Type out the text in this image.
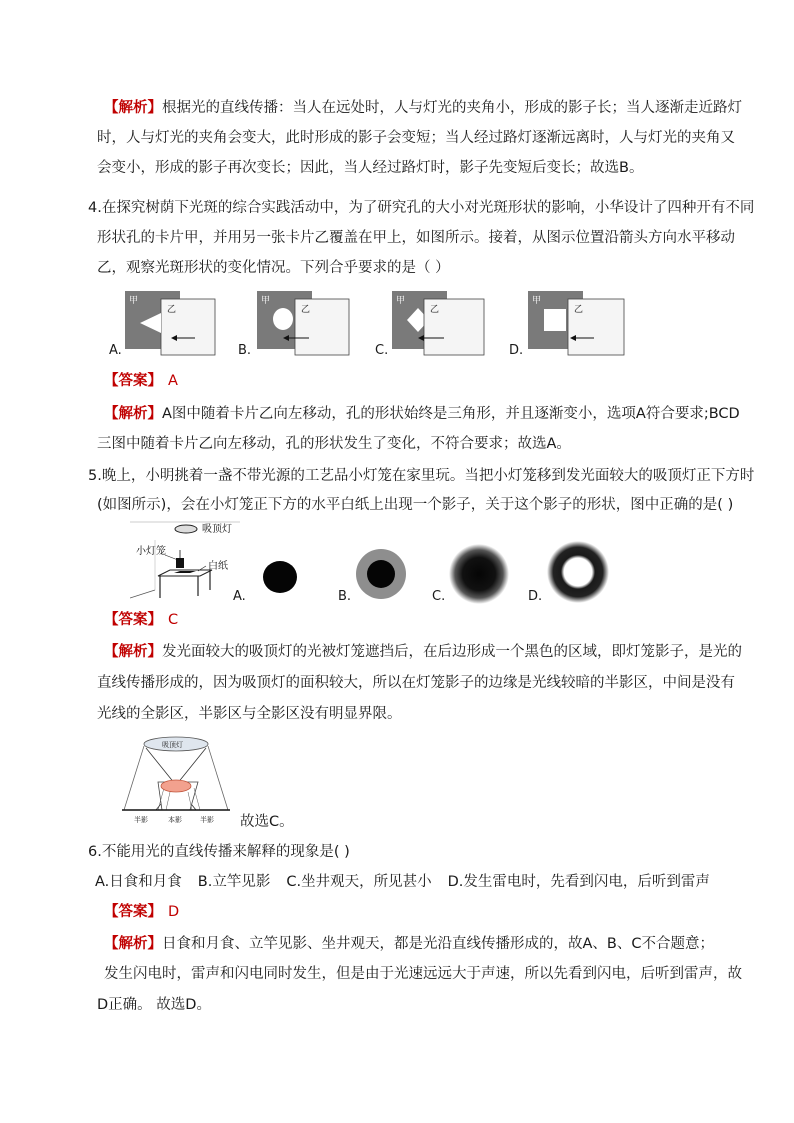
【解析】根据光的直线传播：当人在远处时，人与灯光的夹角小，形成的影子长；当人逐渐走近路灯
时，人与灯光的夹角会变大，此时形成的影子会变短；当人经过路灯逐渐远离时，人与灯光的夹角又
会变小，形成的影子再次变长；因此，当人经过路灯时，影子先变短后变长；故选B。
4.在探究树荫下光斑的综合实践活动中，为了研究孔的大小对光斑形状的影响，小华设计了四种开有不同
形状孔的卡片甲，并用另一张卡片乙覆盖在甲上，如图所示。接着，从图示位置沿箭头方向水平移动
乙，观察光斑形状的变化情况。下列合乎要求的是（ ）
甲
乙
A.
甲
乙
B.
甲
乙
C.
甲
乙
D.
【答案】 A
【解析】A图中随着卡片乙向左移动，孔的形状始终是三角形，并且逐渐变小，选项A符合要求;BCD
三图中随着卡片乙向左移动，孔的形状发生了变化，不符合要求；故选A。
5.晚上，小明挑着一盏不带光源的工艺品小灯笼在家里玩。当把小灯笼移到发光面较大的吸顶灯正下方时
(如图所示)，会在小灯笼正下方的水平白纸上出现一个影子，关于这个影子的形状，图中正确的是( )
吸顶灯
小灯笼
白纸
A.	B.	C.	D.
【答案】 C
【解析】发光面较大的吸顶灯的光被灯笼遮挡后，在后边形成一个黑色的区域，即灯笼影子，是光的
直线传播形成的，因为吸顶灯的面积较大，所以在灯笼影子的边缘是光线较暗的半影区，中间是没有
光线的全影区，半影区与全影区没有明显界限。
吸顶灯
半影	本影	半影 故选C。
6.不能用光的直线传播来解释的现象是( )
A.日食和月食 B.立竿见影 C.坐井观天，所见甚小 D.发生雷电时，先看到闪电，后听到雷声
【答案】 D
【解析】日食和月食、立竿见影、坐井观天，都是光沿直线传播形成的，故A、B、C不合题意；
发生闪电时，雷声和闪电同时发生，但是由于光速远远大于声速，所以先看到闪电，后听到雷声，故
D正确。 故选D。
